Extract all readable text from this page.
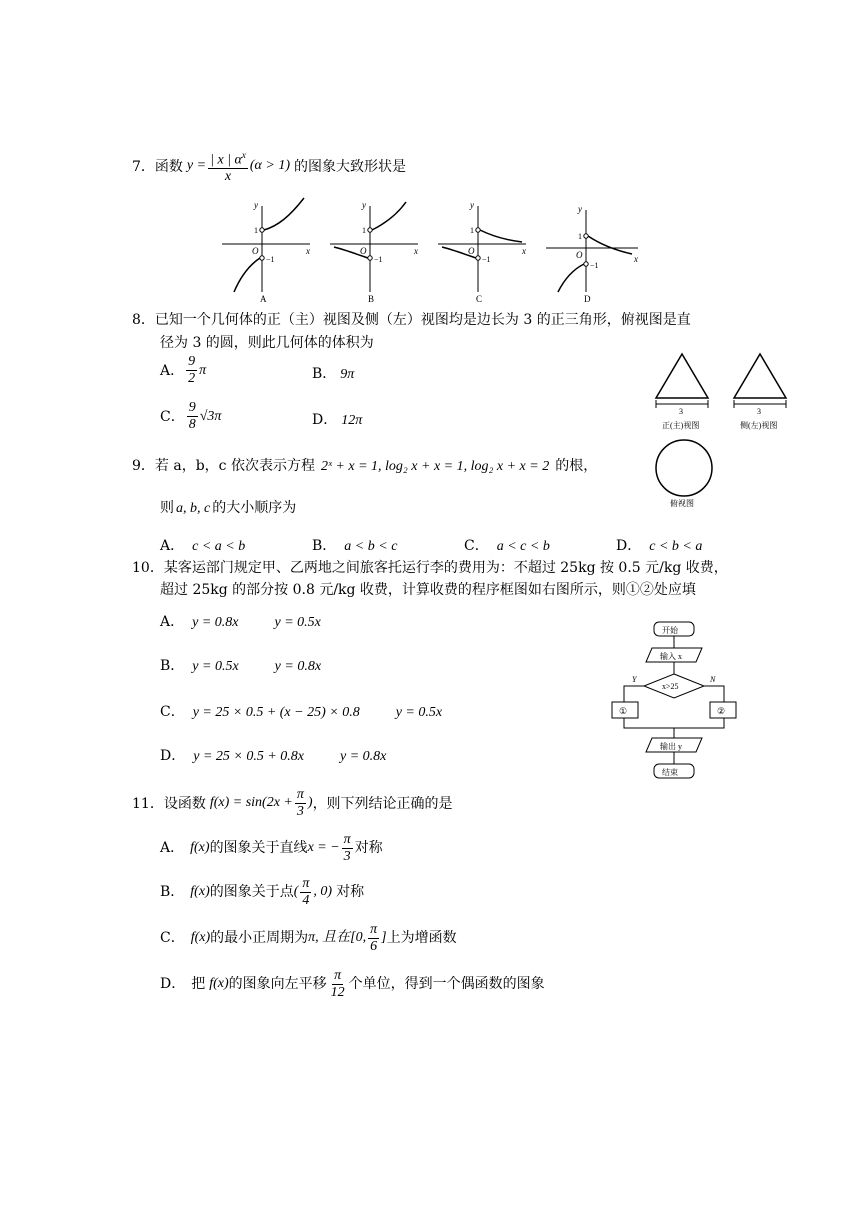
7． 函数 $y = \frac{| x | \alpha^x}{x} (\alpha > 1)$ 的图象大致形状是
y
x
O
1
−1
A
y
x
O
1
−1
B
y
x
O
1
−1
C
y
x
O
1
−1
D
8．已知一个几何体的正（主）视图及侧（左）视图均是边长为 3 的正三角形，俯视图是直
径为 3 的圆，则此几何体的体积为
A． $\frac{9}{2}$ π	B． 9π
C． $\frac{9}{8} √3\pi$	D． 12π
3
正(主)视图
3
侧(左)视图
俯视图
9．若 a，b，c 依次表示方程 2ˣ + x = 1, log₂ x + x = 1, log₂ x + x = 2 的根，
则 a, b, c 的大小顺序为
A． c < a < b	B． a < b < c	C． a < c < b	D． c < b < a
10．某客运部门规定甲、乙两地之间旅客托运行李的费用为：不超过 25kg 按 0.5 元/kg 收费，
超过 25kg 的部分按 0.8 元/kg 收费，计算收费的程序框图如右图所示，则①②处应填
A． y = 0.8x	y = 0.5x
B． y = 0.5x	y = 0.8x
C． y = 25 × 0.5 + (x − 25) × 0.8	y = 0.5x
D． y = 25 × 0.5 + 0.8x	y = 0.8x
开始
输入 x
x>25
Y	N
①	②
输出 y
结束
11． 设函数 $f(x) = \sin(2x + \frac{\pi}{3}$ ) ，则下列结论正确的是
A． f(x) 的图象关于直线 x = − $\frac{\pi}{3}$ 对称
B． f(x) 的图象关于点 ( $\frac{\pi}{4}$ , 0) 对称
C． f(x) 的最小正周期为 π, 且在[0, $\frac{\pi}{6}$ ] 上为增函数
D． 把 f(x) 的图象向左平移 $\frac{\pi}{12}$ 个单位，得到一个偶函数的图象
